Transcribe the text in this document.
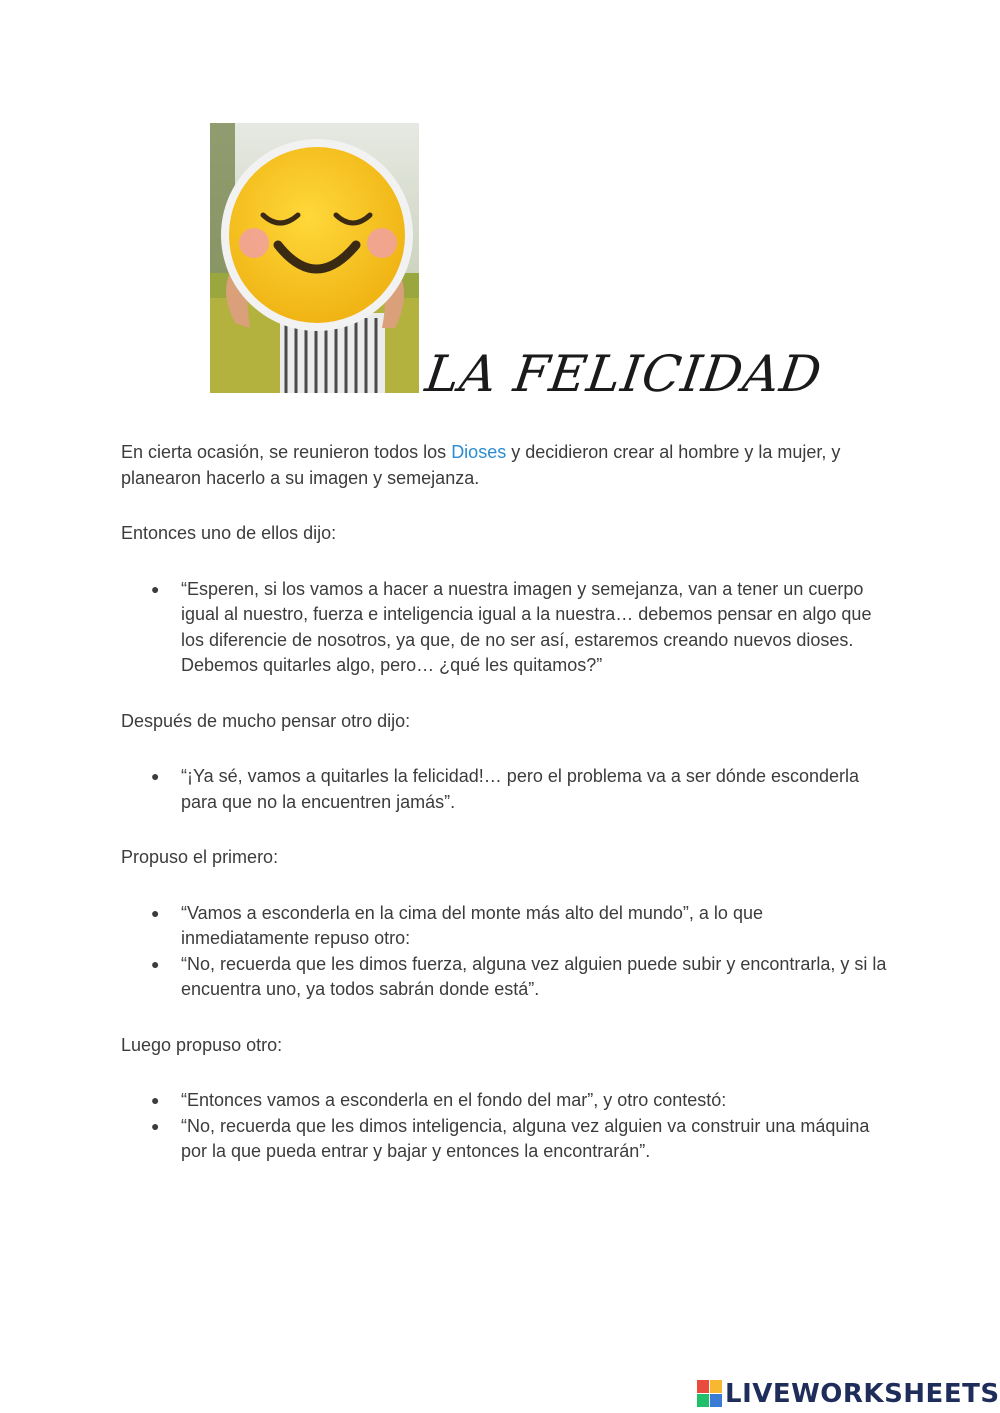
LA FELICIDAD

En cierta ocasión, se reunieron todos los Dioses y decidieron crear al hombre y la mujer, y planearon hacerlo a su imagen y semejanza.

Entonces uno de ellos dijo:

● “Esperen, si los vamos a hacer a nuestra imagen y semejanza, van a tener un cuerpo igual al nuestro, fuerza e inteligencia igual a la nuestra… debemos pensar en algo que los diferencie de nosotros, ya que, de no ser así, estaremos creando nuevos dioses. Debemos quitarles algo, pero… ¿qué les quitamos?”

Después de mucho pensar otro dijo:

● “¡Ya sé, vamos a quitarles la felicidad!… pero el problema va a ser dónde esconderla para que no la encuentren jamás”.

Propuso el primero:

● “Vamos a esconderla en la cima del monte más alto del mundo”, a lo que inmediatamente repuso otro:
● “No, recuerda que les dimos fuerza, alguna vez alguien puede subir y encontrarla, y si la encuentra uno, ya todos sabrán donde está”.

Luego propuso otro:

● “Entonces vamos a esconderla en el fondo del mar”, y otro contestó:
● “No, recuerda que les dimos inteligencia, alguna vez alguien va construir una máquina por la que pueda entrar y bajar y entonces la encontrarán”.
LIVEWORKSHEETS
